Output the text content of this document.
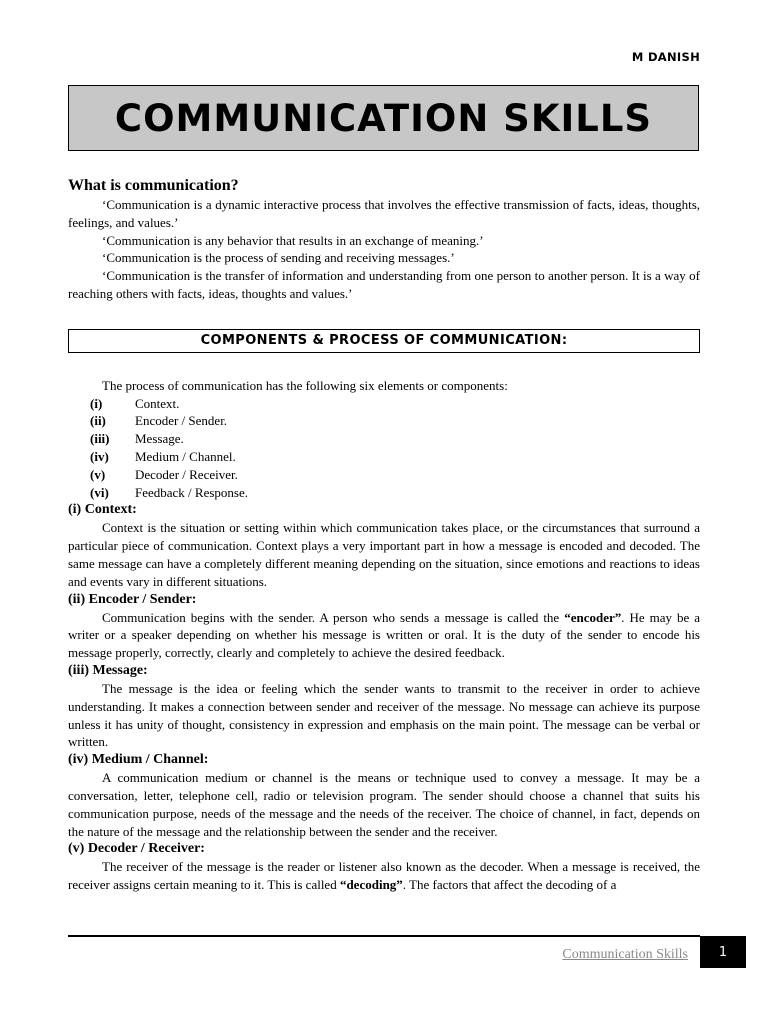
M DANISH
COMMUNICATION SKILLS

What is communication?

‘Communication is a dynamic interactive process that involves the effective transmission of facts, ideas, thoughts, feelings, and values.’

‘Communication is any behavior that results in an exchange of meaning.’

‘Communication is the process of sending and receiving messages.’

‘Communication is the transfer of information and understanding from one person to another person. It is a way of reaching others with facts, ideas, thoughts and values.’

COMPONENTS & PROCESS OF COMMUNICATION:

The process of communication has the following six elements or components:

(i)	Context.
(ii)	Encoder / Sender.
(iii)	Message.
(iv)	Medium / Channel.
(v)	Decoder / Receiver.
(vi)	Feedback / Response.

(i) Context:

Context is the situation or setting within which communication takes place, or the circumstances that surround a particular piece of communication. Context plays a very important part in how a message is encoded and decoded. The same message can have a completely different meaning depending on the situation, since emotions and reactions to ideas and events vary in different situations.

(ii) Encoder / Sender:

Communication begins with the sender. A person who sends a message is called the “encoder”. He may be a writer or a speaker depending on whether his message is written or oral. It is the duty of the sender to encode his message properly, correctly, clearly and completely to achieve the desired feedback.

(iii) Message:

The message is the idea or feeling which the sender wants to transmit to the receiver in order to achieve understanding. It makes a connection between sender and receiver of the message. No message can achieve its purpose unless it has unity of thought, consistency in expression and emphasis on the main point. The message can be verbal or written.

(iv) Medium / Channel:

A communication medium or channel is the means or technique used to convey a message. It may be a conversation, letter, telephone cell, radio or television program. The sender should choose a channel that suits his communication purpose, needs of the message and the needs of the receiver. The choice of channel, in fact, depends on the nature of the message and the relationship between the sender and the receiver.

(v) Decoder / Receiver:

The receiver of the message is the reader or listener also known as the decoder. When a message is received, the receiver assigns certain meaning to it. This is called “decoding”. The factors that affect the decoding of a

Communication Skills	1
